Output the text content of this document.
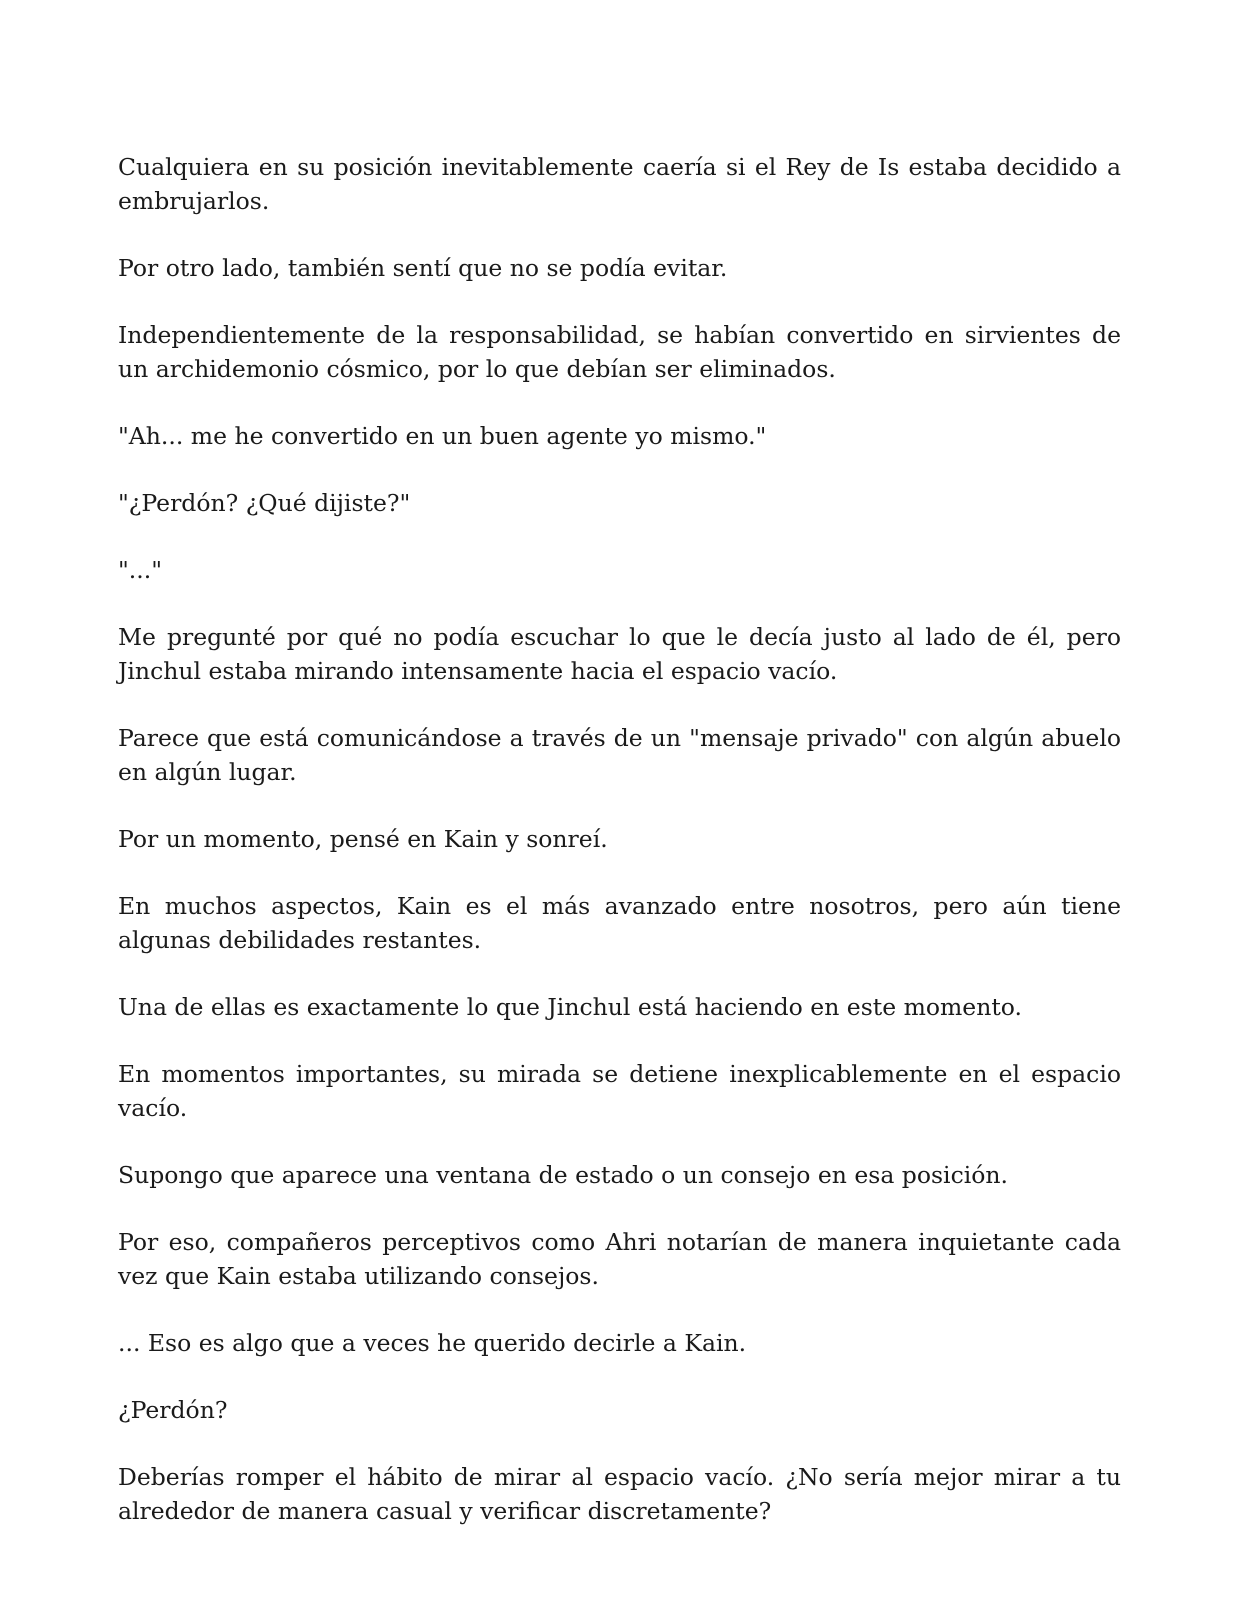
Cualquiera en su posición inevitablemente caería si el Rey de Is estaba decidido a embrujarlos.

Por otro lado, también sentí que no se podía evitar.

Independientemente de la responsabilidad, se habían convertido en sirvientes de un archidemonio cósmico, por lo que debían ser eliminados.

"Ah... me he convertido en un buen agente yo mismo."

"¿Perdón? ¿Qué dijiste?"

"..."

Me pregunté por qué no podía escuchar lo que le decía justo al lado de él, pero Jinchul estaba mirando intensamente hacia el espacio vacío.

Parece que está comunicándose a través de un "mensaje privado" con algún abuelo en algún lugar.

Por un momento, pensé en Kain y sonreí.

En muchos aspectos, Kain es el más avanzado entre nosotros, pero aún tiene algunas debilidades restantes.

Una de ellas es exactamente lo que Jinchul está haciendo en este momento.

En momentos importantes, su mirada se detiene inexplicablemente en el espacio vacío.

Supongo que aparece una ventana de estado o un consejo en esa posición.

Por eso, compañeros perceptivos como Ahri notarían de manera inquietante cada vez que Kain estaba utilizando consejos.

... Eso es algo que a veces he querido decirle a Kain.

¿Perdón?

Deberías romper el hábito de mirar al espacio vacío. ¿No sería mejor mirar a tu alrededor de manera casual y verificar discretamente?
